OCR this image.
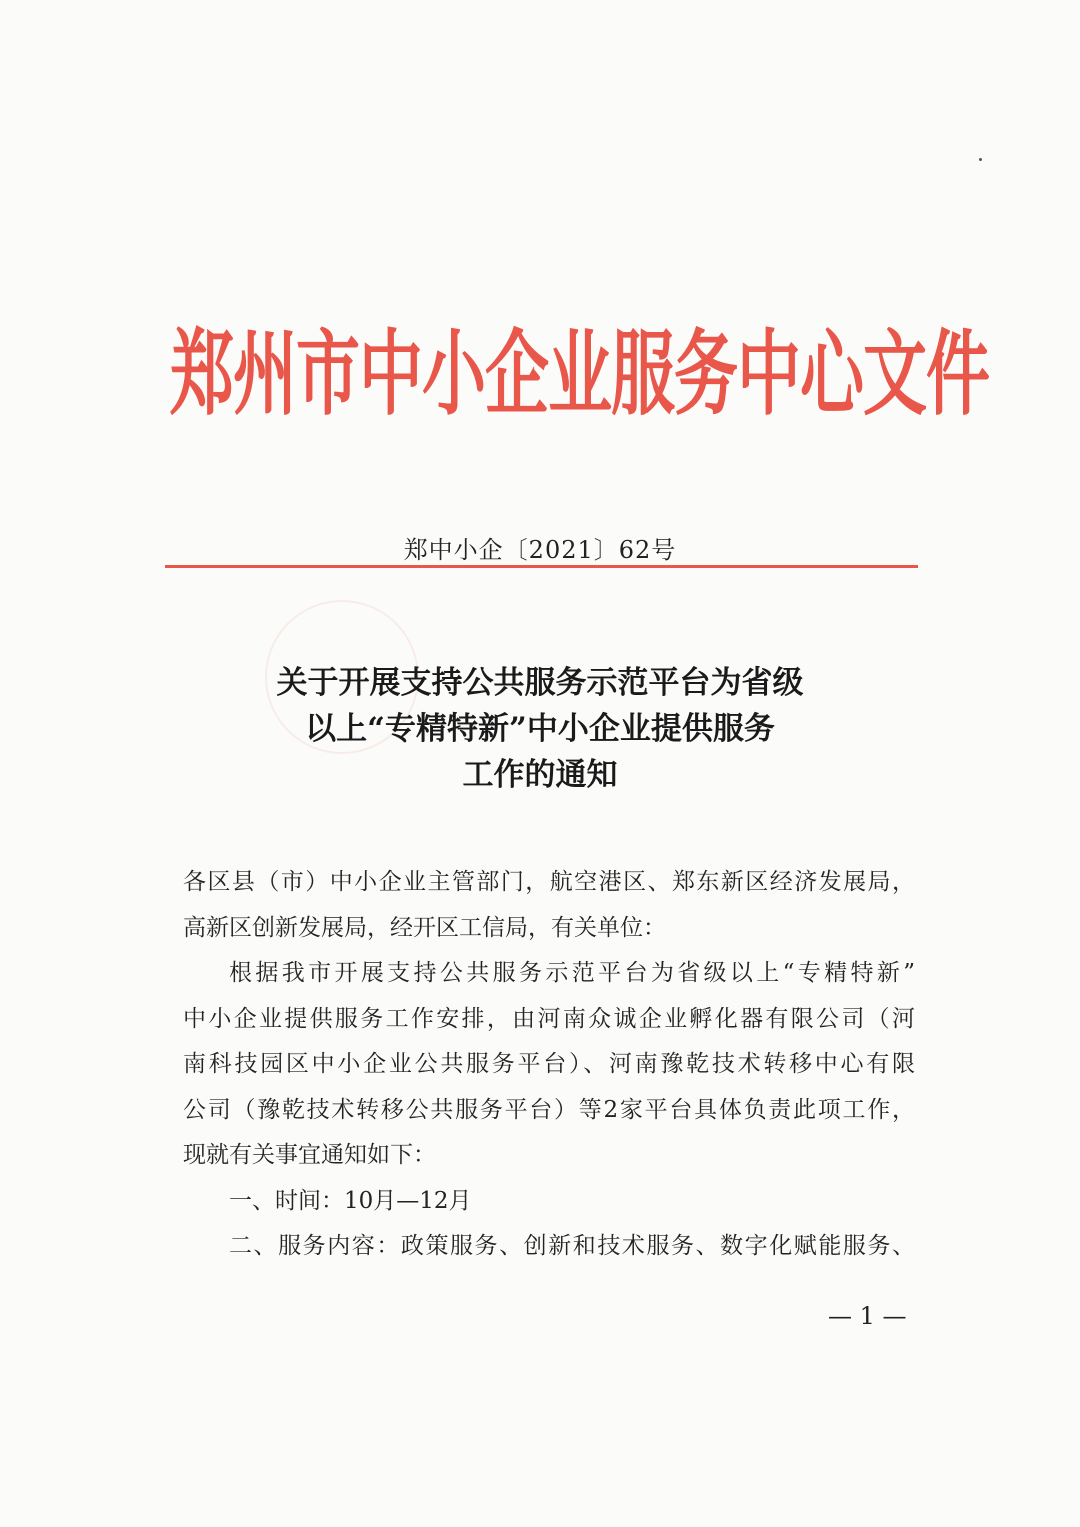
郑州市中小企业服务中心文件
郑中小企〔2021〕62号
关于开展支持公共服务示范平台为省级
以上“专精特新”中小企业提供服务
工作的通知
各区县（市）中小企业主管部门，航空港区、郑东新区经济发展局，
高新区创新发展局，经开区工信局，有关单位：
根据我市开展支持公共服务示范平台为省级以上“专精特新”
中小企业提供服务工作安排，由河南众诚企业孵化器有限公司（河
南科技园区中小企业公共服务平台）、河南豫乾技术转移中心有限
公司（豫乾技术转移公共服务平台）等2家平台具体负责此项工作，
现就有关事宜通知如下：
一、时间：10月—12月
二、服务内容：政策服务、创新和技术服务、数字化赋能服务、
— 1 —
